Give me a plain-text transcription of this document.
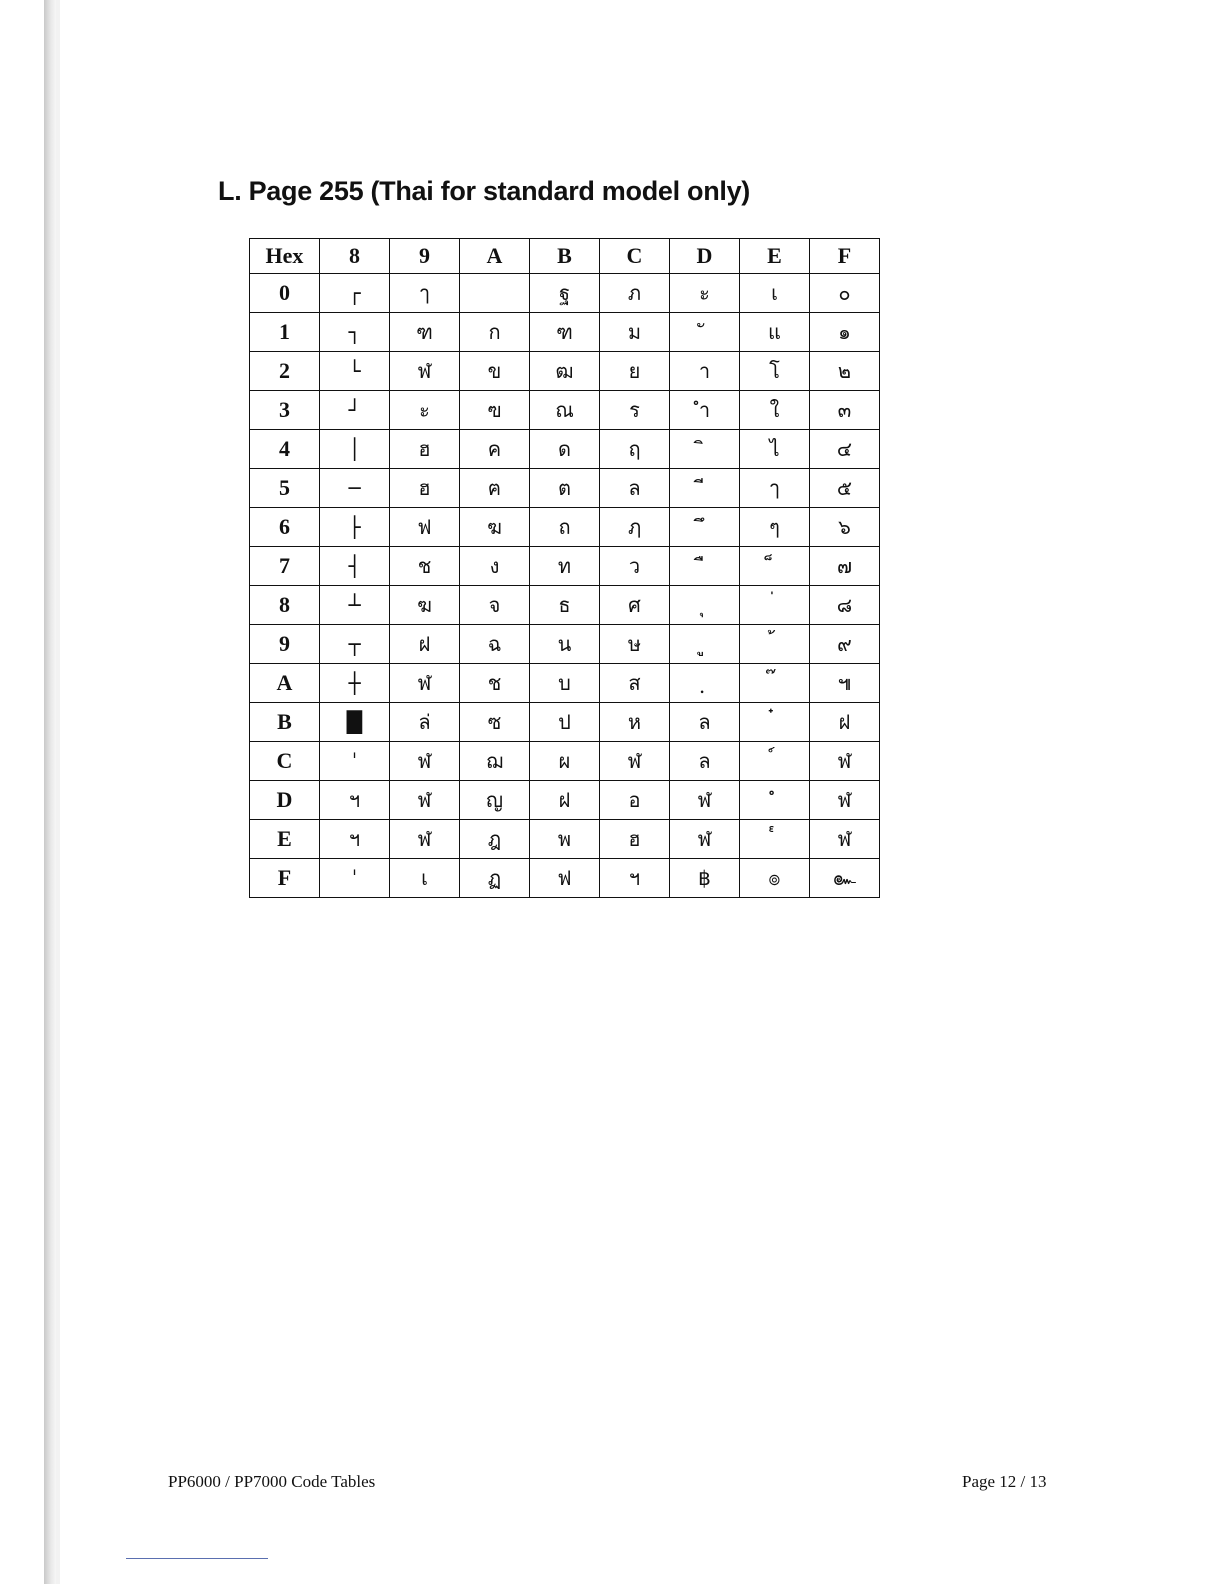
L. Page 255 (Thai for standard model only)
Hex	8	9	A	B	C	D	E	F
0	┌	ๅ		ฐ	ภ	ะ	เ	๐
1	┐	ฑ	ก	ฑ	ม		แ	๑
2	└	ฬ	ข	ฒ	ย	า	โ	๒
3	┘	ะ	ฃ	ณ	ร	ำ	ใ	๓
4	│	ฮ	ค	ด	ฤ		ไ	๔
5	─	ฮ	ฅ	ต	ล		ๅ	๕
6	├	ฟ	ฆ	ถ	ฦ		ๆ	๖
7	┤	ช	ง	ท	ว			๗
8	┴	ฆ	จ	ธ	ศ			๘
9	┬	ฝ	ฉ	น	ษ			๙
A	┼	ฬ	ช	บ	ส			๚
B	█	ล่	ซ	ป	ห	ล		ฝ
C	ˈ	ฬ	ฌ	ผ	ฬ	ล		ฬ
D	ฯ	ฬ	ญ	ฝ	อ	ฬ		ฬ
E	ฯ	ฬ	ฎ	พ	ฮ	ฬ		ฬ
F	ˈ	เ	ฏ	ฟ	ฯ	฿	๏	๛
PP6000 / PP7000 Code Tables	Page 12 / 13
